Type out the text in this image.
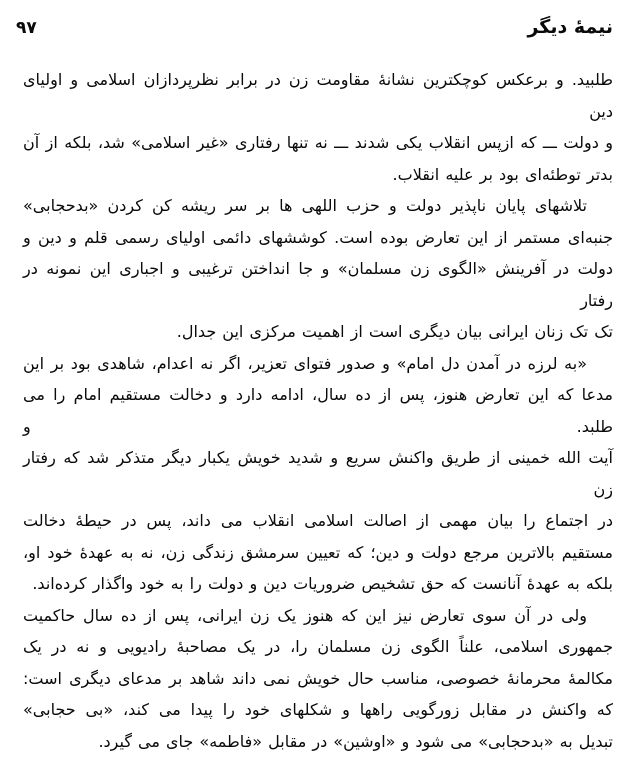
نیمهٔ دیگر
٩٧
طلبید. و برعکس کوچکترین نشانهٔ مقاومت زن در برابر نظرپردازان اسلامی و اولیای دین
و دولت ـــ که ازپس انقلاب یکی شدند ـــ نه تنها رفتاری «غیر اسلامی» شد، بلکه از آن
بدتر توطئه‌ای بود بر علیه انقلاب.
تلاشهای پایان ناپذیر دولت و حزب اللهی ها بر سر ریشه کن کردن «بدحجابی»
جنبه‌ای مستمر از این تعارض بوده است. کوششهای دائمی اولیای رسمی قلم و دین و
دولت در آفرینش «الگوی زن مسلمان» و جا انداختن ترغیبی و اجباری این نمونه در رفتار
تک تک زنان ایرانی بیان دیگری است از اهمیت مرکزی این جدال.
«به لرزه در آمدن دل امام» و صدور فتوای تعزیر، اگر نه اعدام، شاهدی بود بر این
مدعا که این تعارض هنوز، پس از ده سال، ادامه دارد و دخالت مستقیم امام را می طلبد. و
آیت الله خمینی از طریق واکنش سریع و شدید خویش یکبار دیگر متذکر شد که رفتار زن
در اجتماع را بیان مهمی از اصالت اسلامی انقلاب می داند، پس در حیطهٔ دخالت
مستقیم بالاترین مرجع دولت و دین؛ که تعیین سرمشق زندگی زن، نه به عهدهٔ خود او،
بلکه به عهدهٔ آنانست که حق تشخیص ضروریات دین و دولت را به خود واگذار کرده‌اند.
ولی در آن سوی تعارض نیز این که هنوز یک زن ایرانی، پس از ده سال حاکمیت
جمهوری اسلامی، علناً الگوی زن مسلمان را، در یک مصاحبهٔ رادیویی و نه در یک
مکالمهٔ محرمانهٔ خصوصی، مناسب حال خویش نمی داند شاهد بر مدعای دیگری است:
که واکنش در مقابل زورگویی راهها و شکلهای خود را پیدا می کند، «بی حجابی»
تبدیل به «بدحجابی» می شود و «اوشین» در مقابل «فاطمه» جای می گیرد.
